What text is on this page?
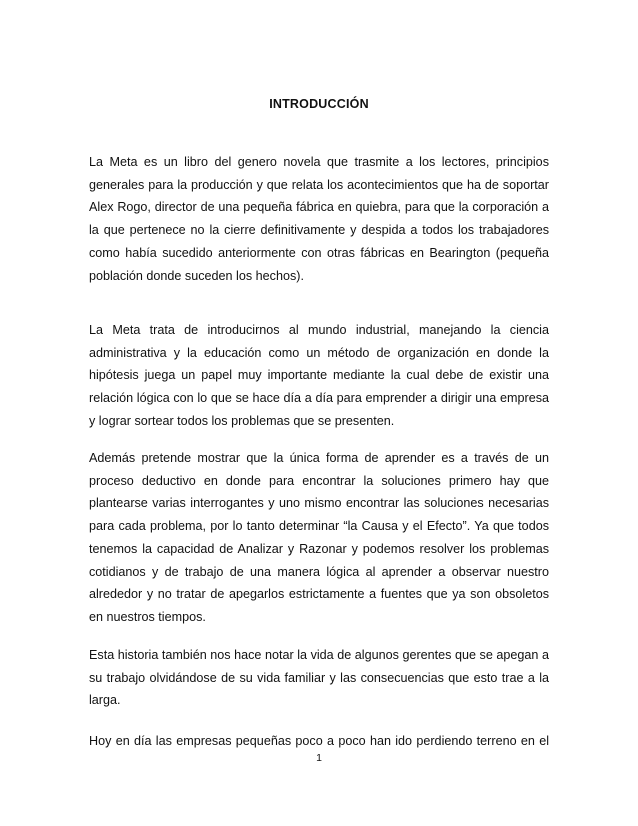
INTRODUCCIÓN

La Meta es un libro del genero novela que trasmite a los lectores, principios generales para la producción y que relata los acontecimientos que ha de soportar Alex Rogo, director de una pequeña fábrica en quiebra, para que la corporación a la que pertenece no la cierre definitivamente y despida a todos los trabajadores como había sucedido anteriormente con otras fábricas en Bearington (pequeña población donde suceden los hechos).

La Meta trata de introducirnos al mundo industrial, manejando la ciencia administrativa y la educación como un método de organización en donde la hipótesis juega un papel muy importante mediante la cual debe de existir una relación lógica con lo que se hace día a día para emprender a dirigir una empresa y lograr sortear todos los problemas que se presenten.

Además pretende mostrar que la única forma de aprender es a través de un proceso deductivo en donde para encontrar la soluciones primero hay que plantearse varias interrogantes y uno mismo encontrar las soluciones necesarias para cada problema, por lo tanto determinar “la Causa y el Efecto”. Ya que todos tenemos la capacidad de Analizar y Razonar y podemos resolver los problemas cotidianos y de trabajo de una manera lógica al aprender a observar nuestro alrededor y no tratar de apegarlos estrictamente a fuentes que ya son obsoletos en nuestros tiempos.

Esta historia también nos hace notar la vida de algunos gerentes que se apegan a su trabajo olvidándose de su vida familiar y las consecuencias que esto trae a la larga.

Hoy en día las empresas pequeñas poco a poco han ido perdiendo terreno en el

1
